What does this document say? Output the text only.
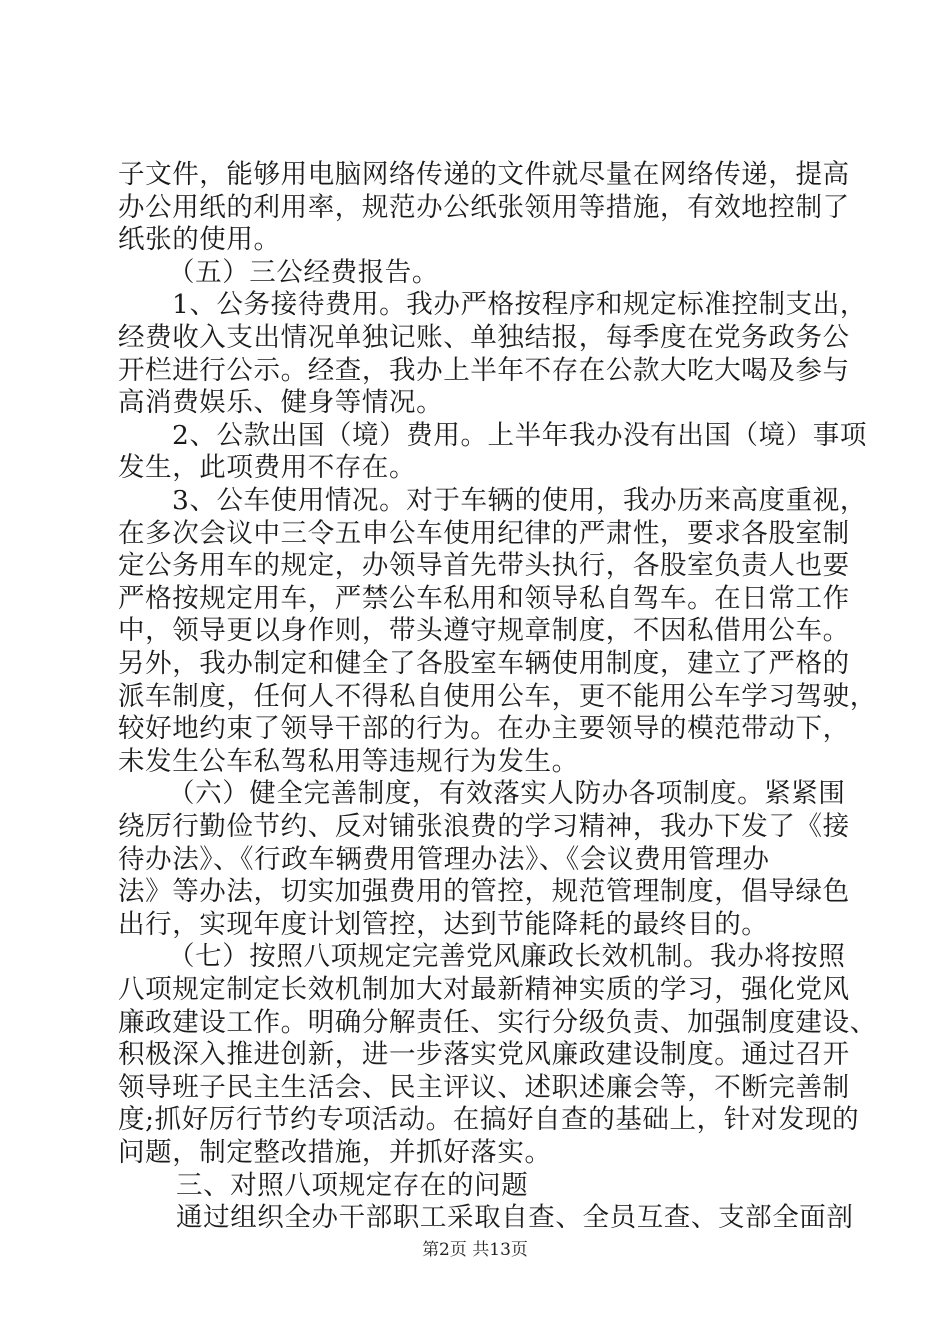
子文件，能够用电脑网络传递的文件就尽量在网络传递，提高
办公用纸的利用率，规范办公纸张领用等措施，有效地控制了
纸张的使用。
（五）三公经费报告。
1、公务接待费用。我办严格按程序和规定标准控制支出，
经费收入支出情况单独记账、单独结报，每季度在党务政务公
开栏进行公示。经查，我办上半年不存在公款大吃大喝及参与
高消费娱乐、健身等情况。
2、公款出国（境）费用。上半年我办没有出国（境）事项
发生，此项费用不存在。
3、公车使用情况。对于车辆的使用，我办历来高度重视，
在多次会议中三令五申公车使用纪律的严肃性，要求各股室制
定公务用车的规定，办领导首先带头执行，各股室负责人也要
严格按规定用车，严禁公车私用和领导私自驾车。在日常工作
中，领导更以身作则，带头遵守规章制度，不因私借用公车。
另外，我办制定和健全了各股室车辆使用制度，建立了严格的
派车制度，任何人不得私自使用公车，更不能用公车学习驾驶，
较好地约束了领导干部的行为。在办主要领导的模范带动下，
未发生公车私驾私用等违规行为发生。
（六）健全完善制度，有效落实人防办各项制度。紧紧围
绕厉行勤俭节约、反对铺张浪费的学习精神，我办下发了《接
待办法》、《行政车辆费用管理办法》、《会议费用管理办
法》等办法，切实加强费用的管控，规范管理制度，倡导绿色
出行，实现年度计划管控，达到节能降耗的最终目的。
（七）按照八项规定完善党风廉政长效机制。我办将按照
八项规定制定长效机制加大对最新精神实质的学习，强化党风
廉政建设工作。明确分解责任、实行分级负责、加强制度建设、
积极深入推进创新，进一步落实党风廉政建设制度。通过召开
领导班子民主生活会、民主评议、述职述廉会等，不断完善制
度;抓好厉行节约专项活动。在搞好自查的基础上，针对发现的
问题，制定整改措施，并抓好落实。
三、对照八项规定存在的问题
通过组织全办干部职工采取自查、全员互查、支部全面剖
第2页 共13页
